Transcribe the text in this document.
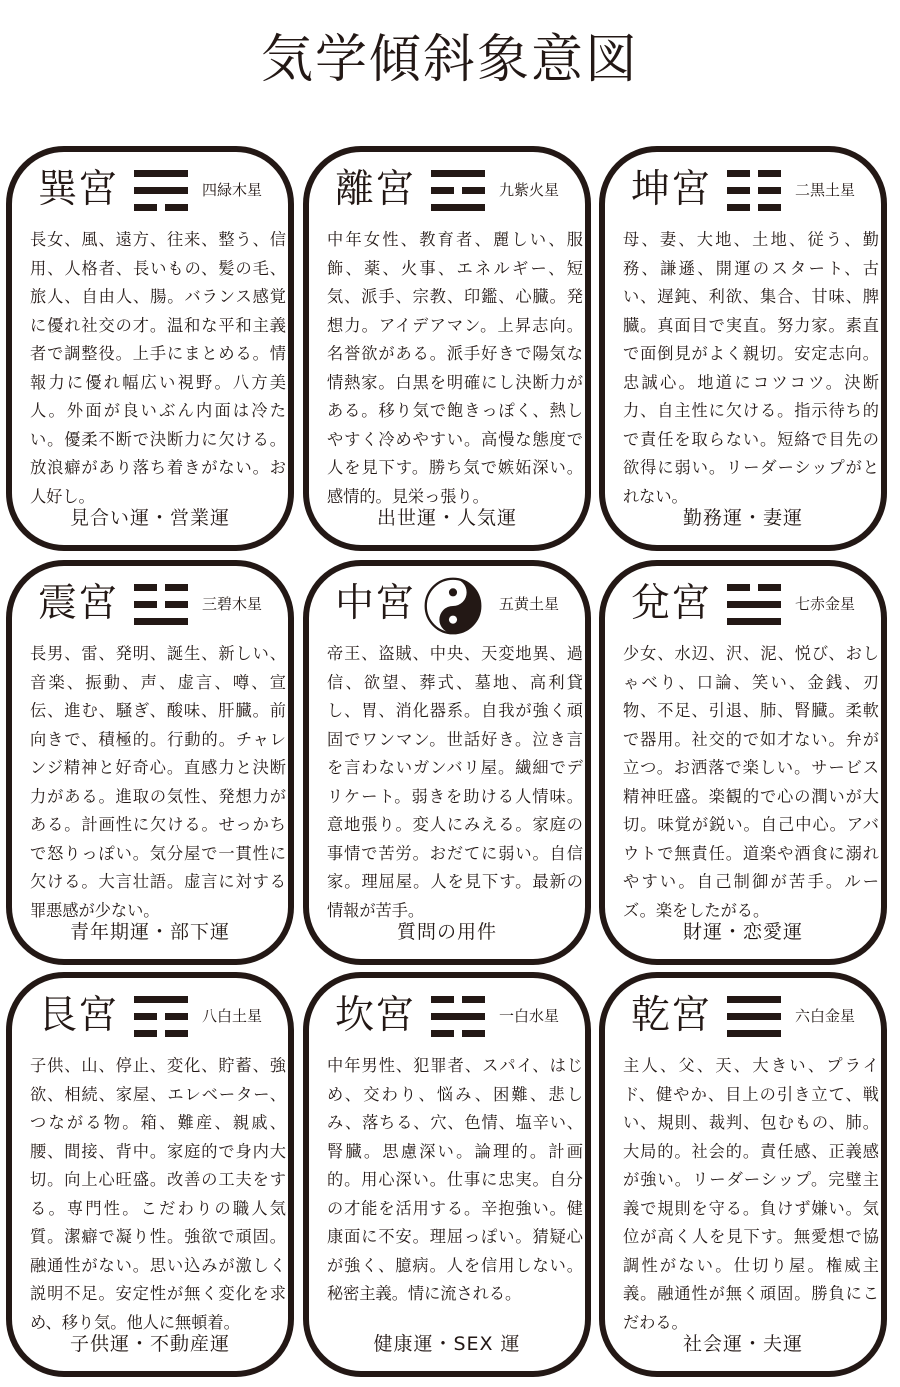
気学傾斜象意図
巽宮	四緑木星
長女、風、遠方、往来、整う、信用、人格者、長いもの、髪の毛、旅人、自由人、腸。バランス感覚に優れ社交の才。温和な平和主義者で調整役。上手にまとめる。情報力に優れ幅広い視野。八方美人。外面が良いぶん内面は冷たい。優柔不断で決断力に欠ける。放浪癖があり落ち着きがない。お人好し。
見合い運・営業運
離宮	九紫火星
中年女性、教育者、麗しい、服飾、薬、火事、エネルギー、短気、派手、宗教、印鑑、心臓。発想力。アイデアマン。上昇志向。名誉欲がある。派手好きで陽気な情熱家。白黒を明確にし決断力がある。移り気で飽きっぽく、熱しやすく冷めやすい。高慢な態度で人を見下す。勝ち気で嫉妬深い。感情的。見栄っ張り。
出世運・人気運
坤宮	二黒土星
母、妻、大地、土地、従う、勤務、謙遜、開運のスタート、古い、遅鈍、利欲、集合、甘味、脾臓。真面目で実直。努力家。素直で面倒見がよく親切。安定志向。忠誠心。地道にコツコツ。決断力、自主性に欠ける。指示待ち的で責任を取らない。短絡で目先の欲得に弱い。リーダーシップがとれない。
勤務運・妻運
震宮	三碧木星
長男、雷、発明、誕生、新しい、音楽、振動、声、虚言、噂、宣伝、進む、騒ぎ、酸味、肝臓。前向きで、積極的。行動的。チャレンジ精神と好奇心。直感力と決断力がある。進取の気性、発想力がある。計画性に欠ける。せっかちで怒りっぽい。気分屋で一貫性に欠ける。大言壮語。虚言に対する罪悪感が少ない。
青年期運・部下運
中宮	五黄土星
帝王、盗賊、中央、天変地異、過信、欲望、葬式、墓地、高利貸し、胃、消化器系。自我が強く頑固でワンマン。世話好き。泣き言を言わないガンバリ屋。繊細でデリケート。弱きを助ける人情味。意地張り。変人にみえる。家庭の事情で苦労。おだてに弱い。自信家。理屈屋。人を見下す。最新の情報が苦手。
質問の用件
兌宮	七赤金星
少女、水辺、沢、泥、悦び、おしゃべり、口論、笑い、金銭、刃物、不足、引退、肺、腎臓。柔軟で器用。社交的で如才ない。弁が立つ。お洒落で楽しい。サービス精神旺盛。楽観的で心の潤いが大切。味覚が鋭い。自己中心。アバウトで無責任。道楽や酒食に溺れやすい。自己制御が苦手。ルーズ。楽をしたがる。
財運・恋愛運
艮宮	八白土星
子供、山、停止、変化、貯蓄、強欲、相続、家屋、エレベーター、つながる物。箱、難産、親戚、腰、間接、背中。家庭的で身内大切。向上心旺盛。改善の工夫をする。専門性。こだわりの職人気質。潔癖で凝り性。強欲で頑固。融通性がない。思い込みが激しく説明不足。安定性が無く変化を求め、移り気。他人に無頓着。
子供運・不動産運
坎宮	一白水星
中年男性、犯罪者、スパイ、はじめ、交わり、悩み、困難、悲しみ、落ちる、穴、色情、塩辛い、腎臓。思慮深い。論理的。計画的。用心深い。仕事に忠実。自分の才能を活用する。辛抱強い。健康面に不安。理屈っぽい。猜疑心が強く、臆病。人を信用しない。秘密主義。情に流される。
健康運・SEX 運
乾宮	六白金星
主人、父、天、大きい、プライド、健やか、目上の引き立て、戦い、規則、裁判、包むもの、肺。大局的。社会的。責任感、正義感が強い。リーダーシップ。完璧主義で規則を守る。負けず嫌い。気位が高く人を見下す。無愛想で協調性がない。仕切り屋。権威主義。融通性が無く頑固。勝負にこだわる。
社会運・夫運
